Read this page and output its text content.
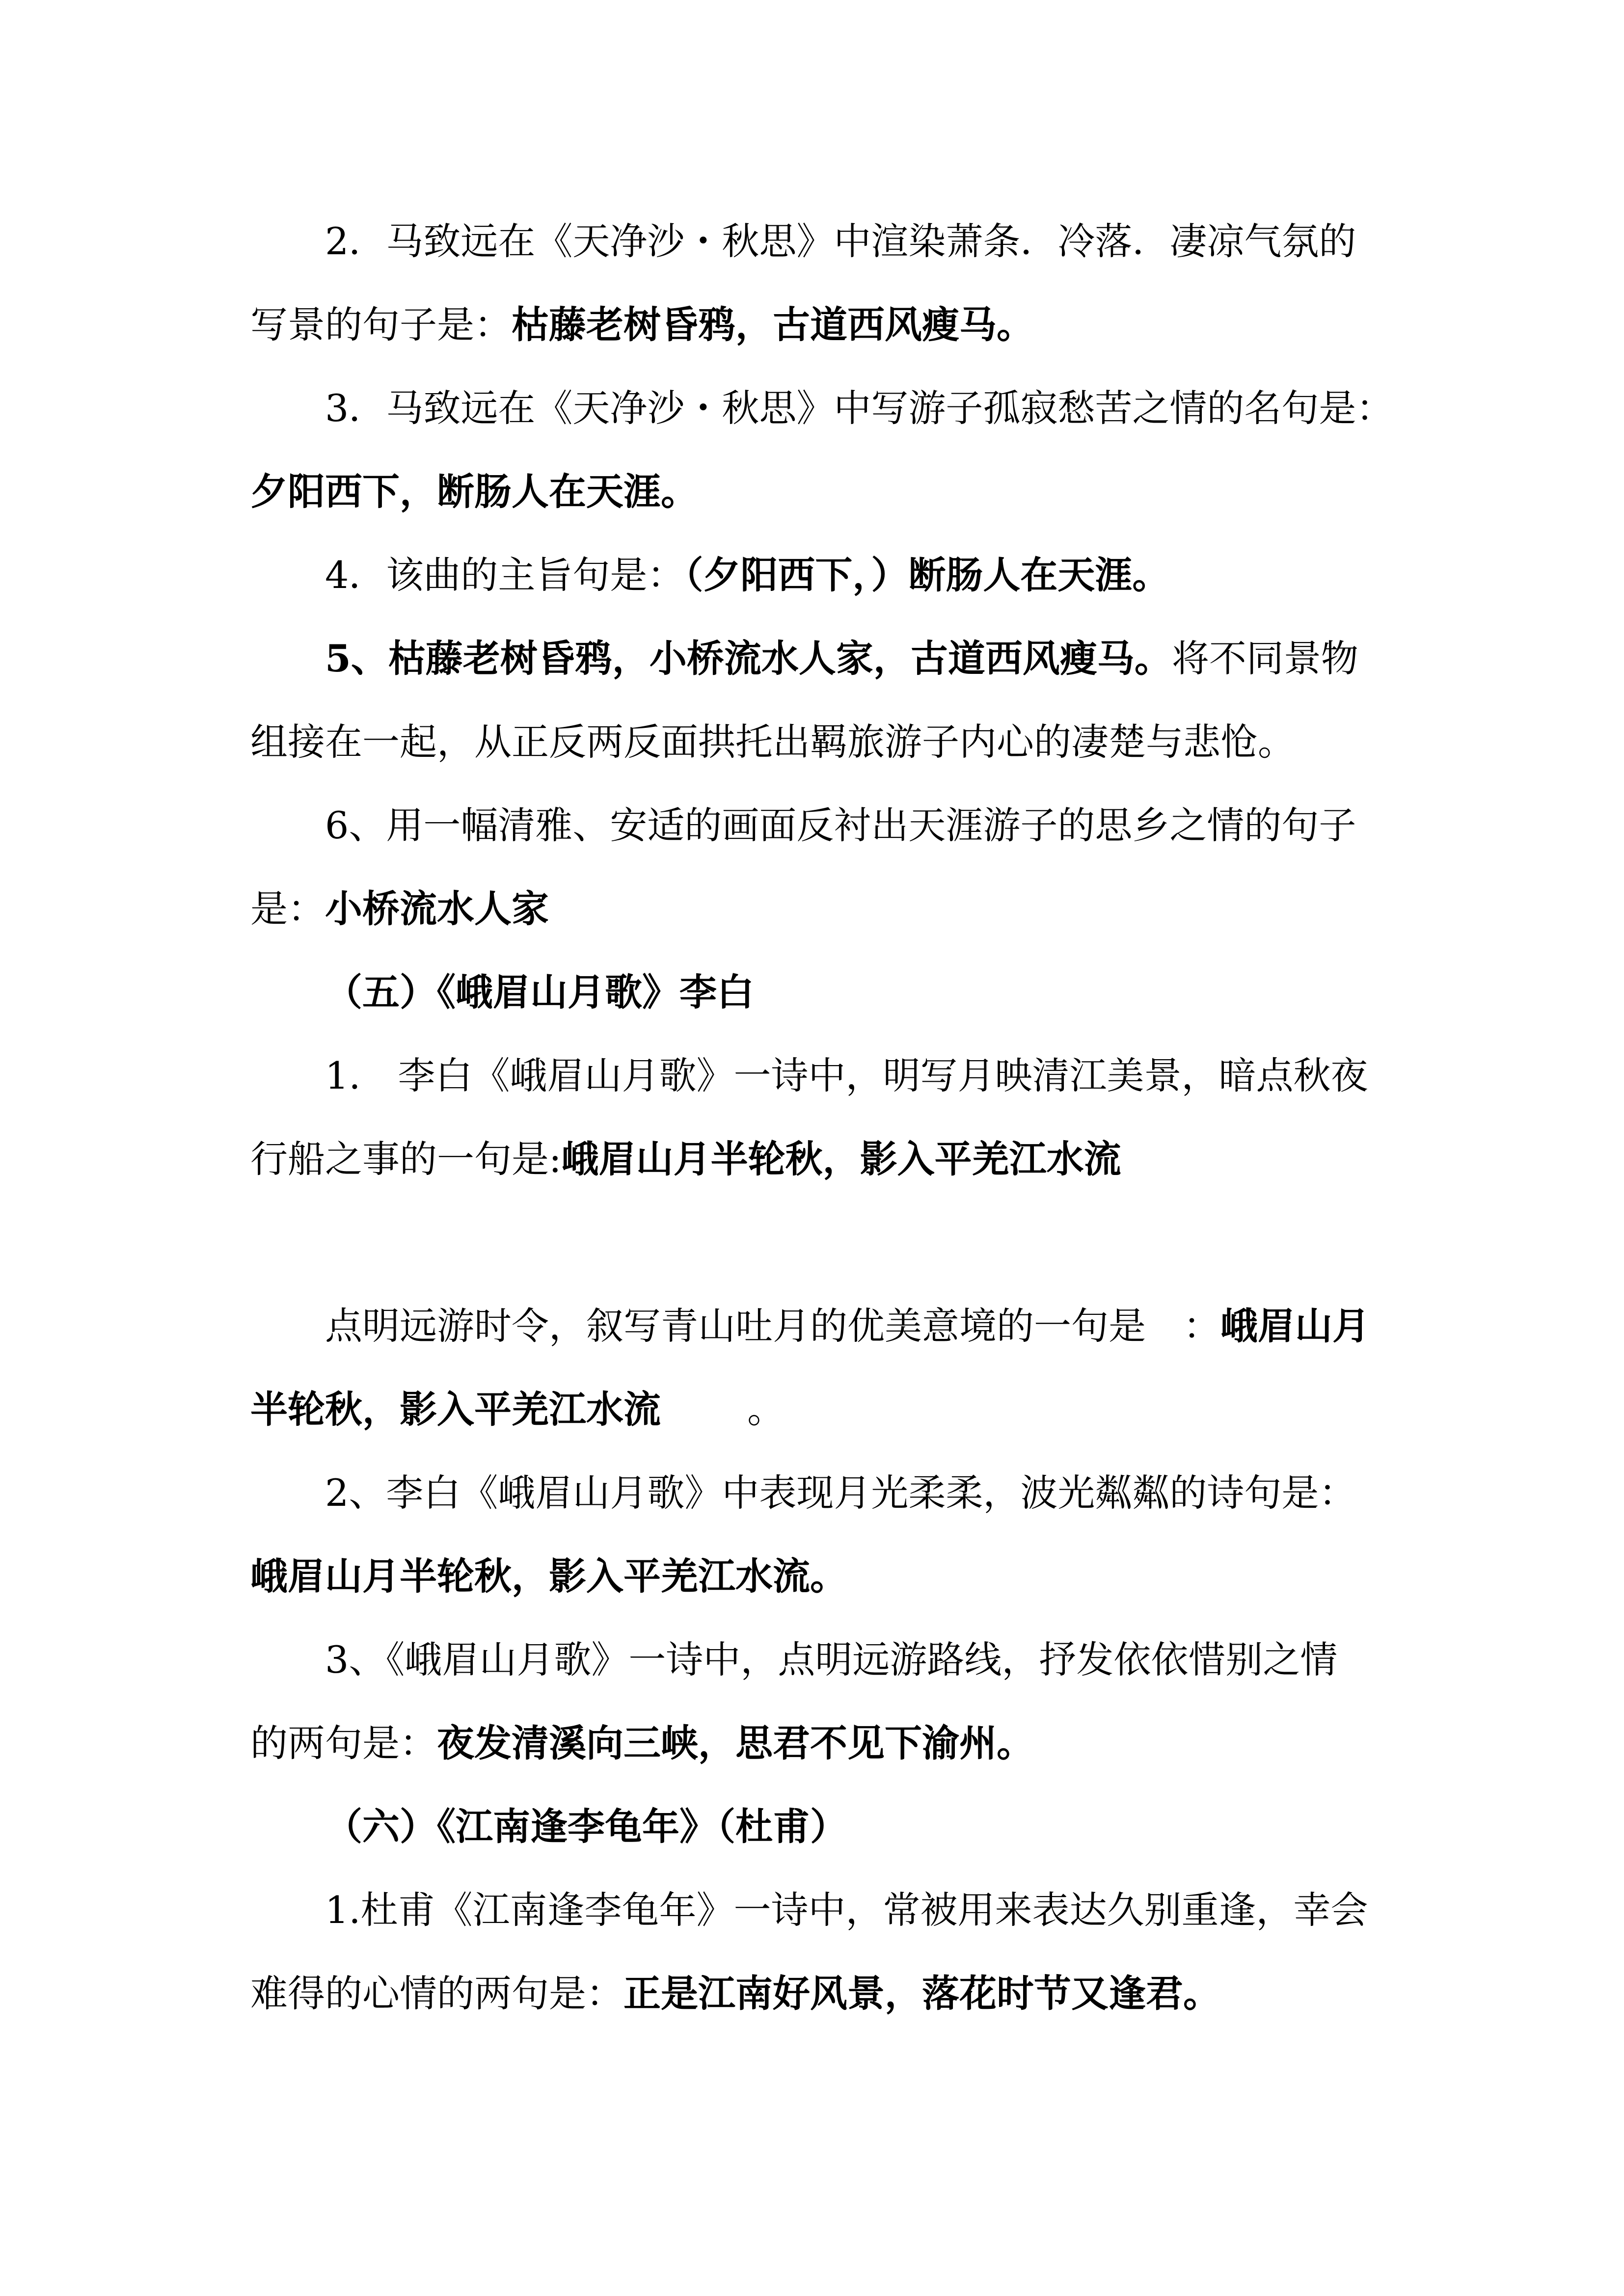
2．马致远在《天净沙・秋思》中渲染萧条．冷落．凄凉气氛的

写景的句子是：枯藤老树昏鸦，古道西风瘦马。

3．马致远在《天净沙・秋思》中写游子孤寂愁苦之情的名句是：

夕阳西下，断肠人在天涯。

4．该曲的主旨句是：（夕阳西下，）断肠人在天涯。

5、枯藤老树昏鸦，小桥流水人家，古道西风瘦马。将不同景物

组接在一起，从正反两反面拱托出羁旅游子内心的凄楚与悲怆。

6、用一幅清雅、安适的画面反衬出天涯游子的思乡之情的句子

是：小桥流水人家

（五）《峨眉山月歌》李白

1.　李白《峨眉山月歌》一诗中，明写月映清江美景，暗点秋夜

行船之事的一句是:峨眉山月半轮秋，影入平羌江水流

点明远游时令，叙写青山吐月的优美意境的一句是　：峨眉山月

半轮秋，影入平羌江水流　　 。

2、李白《峨眉山月歌》中表现月光柔柔，波光粼粼的诗句是：

峨眉山月半轮秋，影入平羌江水流。

3、《峨眉山月歌》一诗中，点明远游路线，抒发依依惜别之情

的两句是：夜发清溪向三峡，思君不见下渝州。

（六）《江南逢李龟年》（杜甫）

1.杜甫《江南逢李龟年》一诗中，常被用来表达久别重逢，幸会

难得的心情的两句是：正是江南好风景，落花时节又逢君。
